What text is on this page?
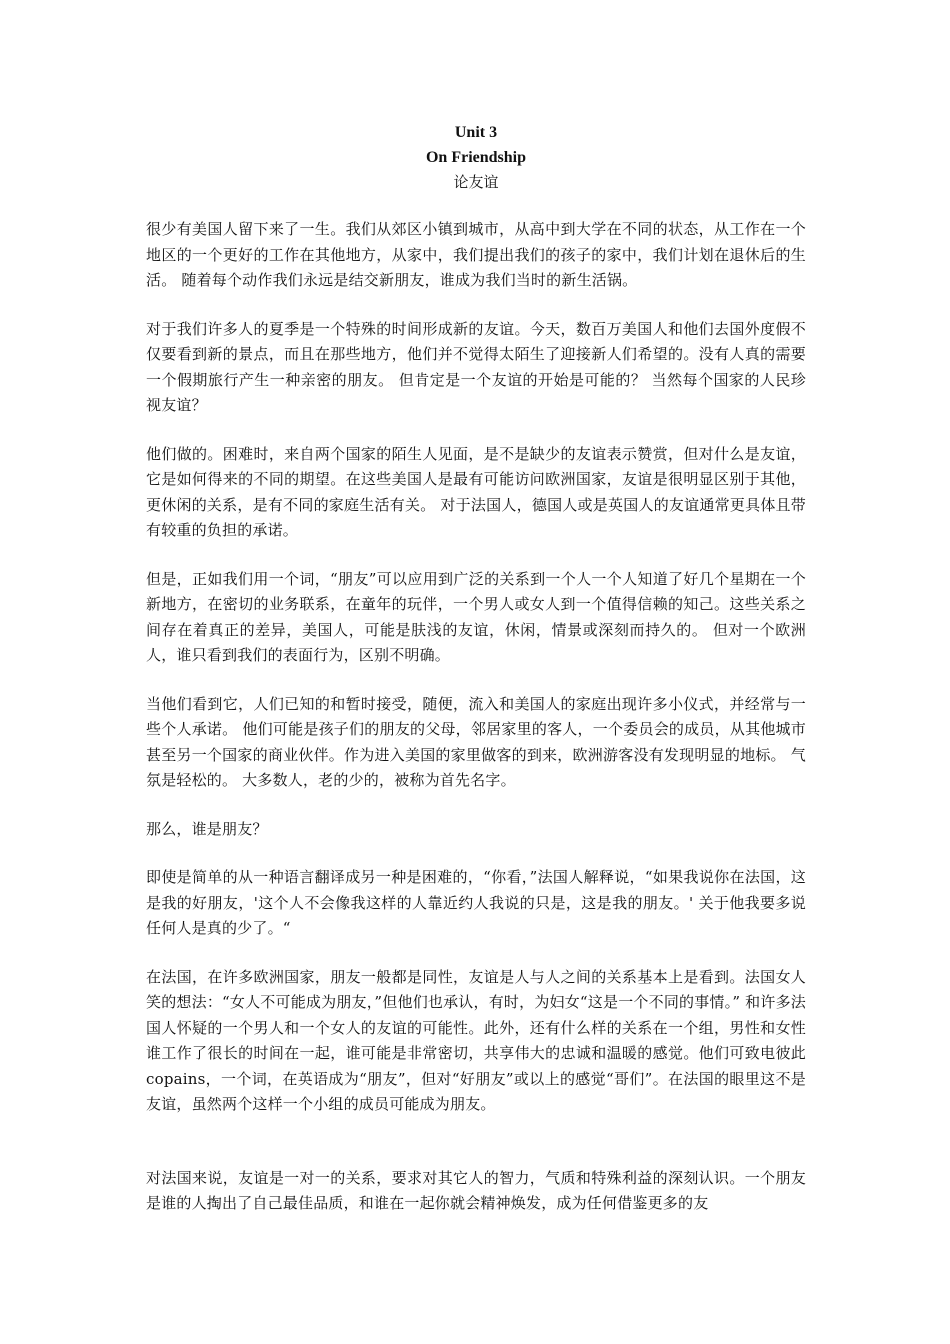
Unit 3
On Friendship
论友谊

很少有美国人留下来了一生。我们从郊区小镇到城市，从高中到大学在不同的状态，从工作在一个地区的一个更好的工作在其他地方，从家中，我们提出我们的孩子的家中，我们计划在退休后的生活。 随着每个动作我们永远是结交新朋友，谁成为我们当时的新生活锅。

对于我们许多人的夏季是一个特殊的时间形成新的友谊。今天，数百万美国人和他们去国外度假不仅要看到新的景点，而且在那些地方，他们并不觉得太陌生了迎接新人们希望的。没有人真的需要一个假期旅行产生一种亲密的朋友。 但肯定是一个友谊的开始是可能的？ 当然每个国家的人民珍视友谊？

他们做的。困难时，来自两个国家的陌生人见面，是不是缺少的友谊表示赞赏，但对什么是友谊，它是如何得来的不同的期望。在这些美国人是最有可能访问欧洲国家，友谊是很明显区别于其他，更休闲的关系，是有不同的家庭生活有关。 对于法国人，德国人或是英国人的友谊通常更具体且带有较重的负担的承诺。

但是，正如我们用一个词，“朋友”可以应用到广泛的关系到一个人一个人知道了好几个星期在一个新地方，在密切的业务联系，在童年的玩伴，一个男人或女人到一个值得信赖的知己。这些关系之间存在着真正的差异，美国人，可能是肤浅的友谊，休闲，情景或深刻而持久的。 但对一个欧洲人，谁只看到我们的表面行为，区别不明确。

当他们看到它，人们已知的和暂时接受，随便，流入和美国人的家庭出现许多小仪式，并经常与一些个人承诺。 他们可能是孩子们的朋友的父母，邻居家里的客人，一个委员会的成员，从其他城市甚至另一个国家的商业伙伴。作为进入美国的家里做客的到来，欧洲游客没有发现明显的地标。 气氛是轻松的。 大多数人，老的少的，被称为首先名字。

那么，谁是朋友？

即使是简单的从一种语言翻译成另一种是困难的，“你看，”法国人解释说，“如果我说你在法国，这是我的好朋友，'这个人不会像我这样的人靠近约人我说的只是，这是我的朋友。' 关于他我要多说任何人是真的少了。“

在法国，在许多欧洲国家，朋友一般都是同性，友谊是人与人之间的关系基本上是看到。法国女人笑的想法：“女人不可能成为朋友，”但他们也承认，有时，为妇女“这是一个不同的事情。” 和许多法国人怀疑的一个男人和一个女人的友谊的可能性。此外，还有什么样的关系在一个组，男性和女性谁工作了很长的时间在一起，谁可能是非常密切，共享伟大的忠诚和温暖的感觉。他们可致电彼此 copains，一个词，在英语成为“朋友”，但对“好朋友”或以上的感觉“哥们”。在法国的眼里这不是友谊，虽然两个这样一个小组的成员可能成为朋友。

对法国来说，友谊是一对一的关系，要求对其它人的智力，气质和特殊利益的深刻认识。一个朋友是谁的人掏出了自己最佳品质，和谁在一起你就会精神焕发，成为任何借鉴更多的友
